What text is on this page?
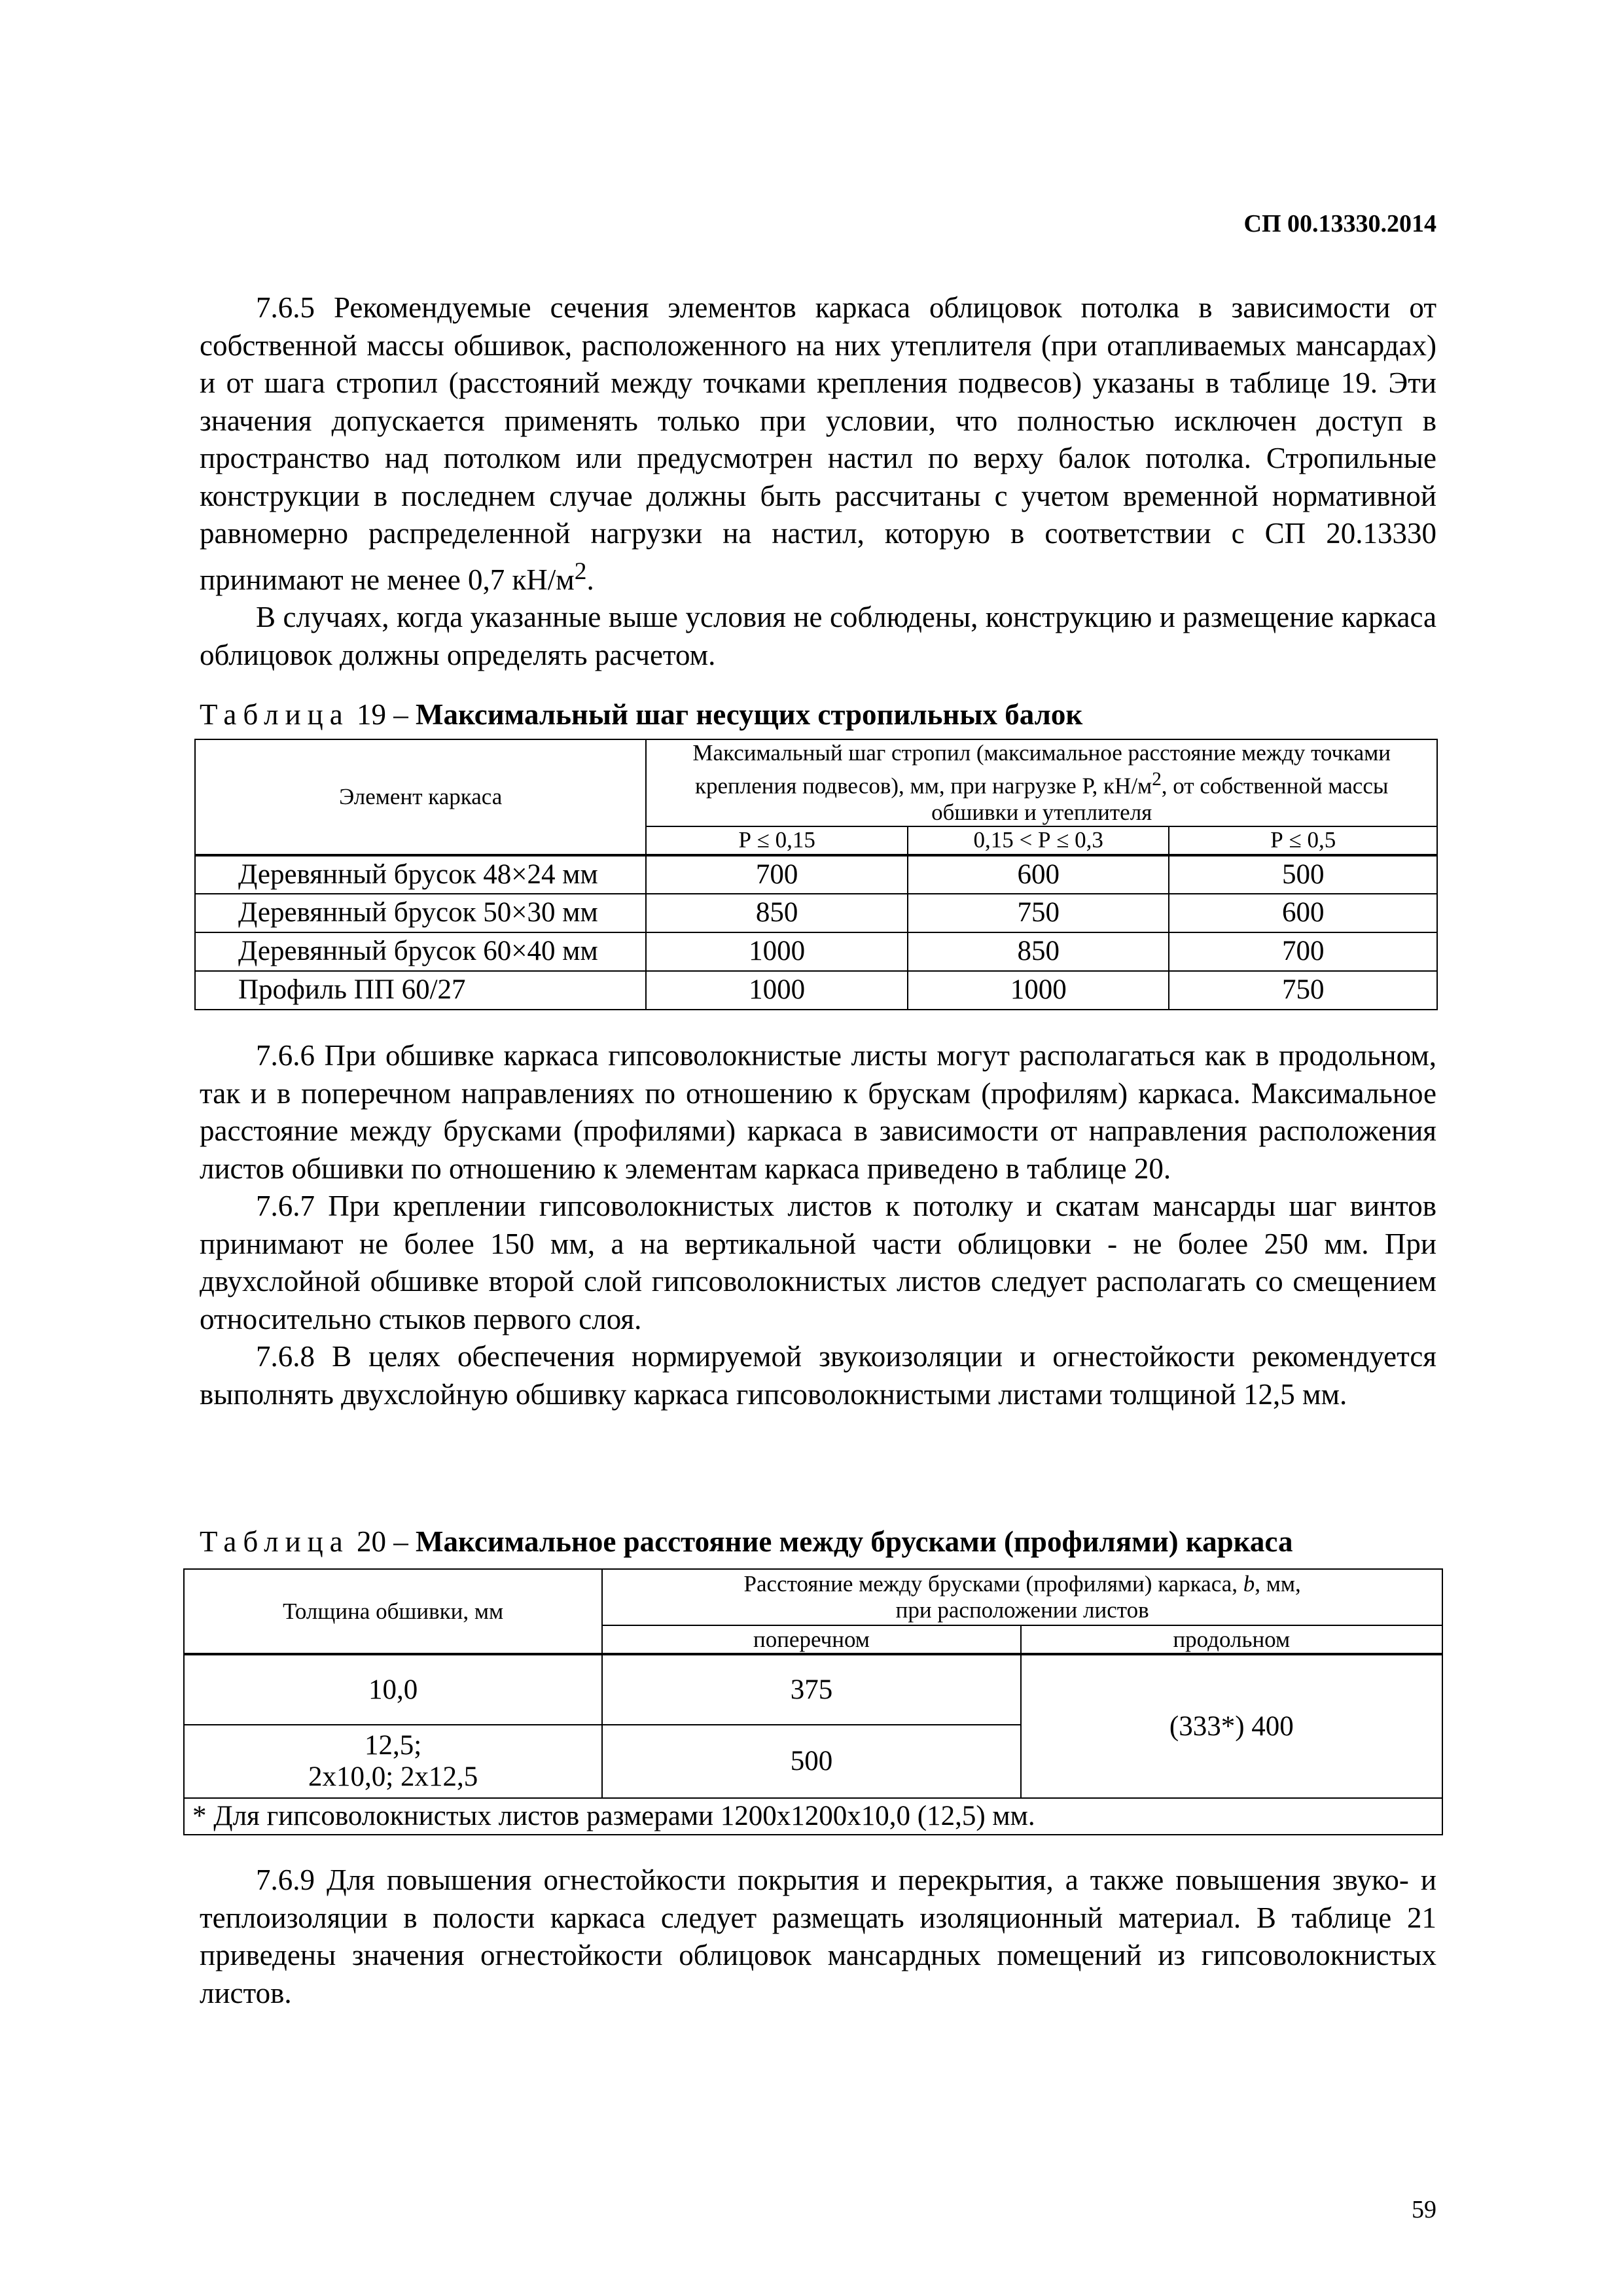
СП 00.13330.2014

7.6.5 Рекомендуемые сечения элементов каркаса облицовок потолка в зависимости от собственной массы обшивок, расположенного на них утеплителя (при отапливаемых мансардах) и от шага стропил (расстояний между точками крепления подвесов) указаны в таблице 19. Эти значения допускается применять только при условии, что полностью исключен доступ в пространство над потолком или предусмотрен настил по верху балок потолка. Стропильные конструкции в последнем случае должны быть рассчитаны с учетом временной нормативной равномерно распределенной нагрузки на настил, которую в соответствии с СП 20.13330 принимают не менее 0,7 $кН/м^2$.

В случаях, когда указанные выше условия не соблюдены, конструкцию и размещение каркаса облицовок должны определять расчетом.

Таблица 19 – Максимальный шаг несущих стропильных балок
Элемент каркаса	Максимальный шаг стропил (максимальное расстояние между точками крепления подвесов), мм, при нагрузке Р, $кН/м^2$, от собственной массы обшивки и утеплителя		
	Р ≤ 0,15	0,15 < Р ≤ 0,3	Р ≤ 0,5
Деревянный брусок 48×24 мм	700	600	500
Деревянный брусок 50×30 мм	850	750	600
Деревянный брусок 60×40 мм	1000	850	700
Профиль ПП 60/27	1000	1000	750

7.6.6 При обшивке каркаса гипсоволокнистые листы могут располагаться как в продольном, так и в поперечном направлениях по отношению к брускам (профилям) каркаса. Максимальное расстояние между брусками (профилями) каркаса в зависимости от направления расположения листов обшивки по отношению к элементам каркаса приведено в таблице 20.

7.6.7 При креплении гипсоволокнистых листов к потолку и скатам мансарды шаг винтов принимают не более 150 мм, а на вертикальной части облицовки - не более 250 мм. При двухслойной обшивке второй слой гипсоволокнистых листов следует располагать со смещением относительно стыков первого слоя.

7.6.8 В целях обеспечения нормируемой звукоизоляции и огнестойкости рекомендуется выполнять двухслойную обшивку каркаса гипсоволокнистыми листами толщиной 12,5 мм.

Таблица 20 – Максимальное расстояние между брусками (профилями) каркаса
Толщина обшивки, мм	Расстояние между брусками (профилями) каркаса, b, мм,
при расположении листов	
	поперечном	продольном
10,0	375	(333*) 400
12,5;
2х10,0; 2х12,5	500	
* Для гипсоволокнистых листов размерами 1200х1200х10,0 (12,5) мм.		

7.6.9 Для повышения огнестойкости покрытия и перекрытия, а также повышения звуко- и теплоизоляции в полости каркаса следует размещать изоляционный материал. В таблице 21 приведены значения огнестойкости облицовок мансардных помещений из гипсоволокнистых листов.

59
